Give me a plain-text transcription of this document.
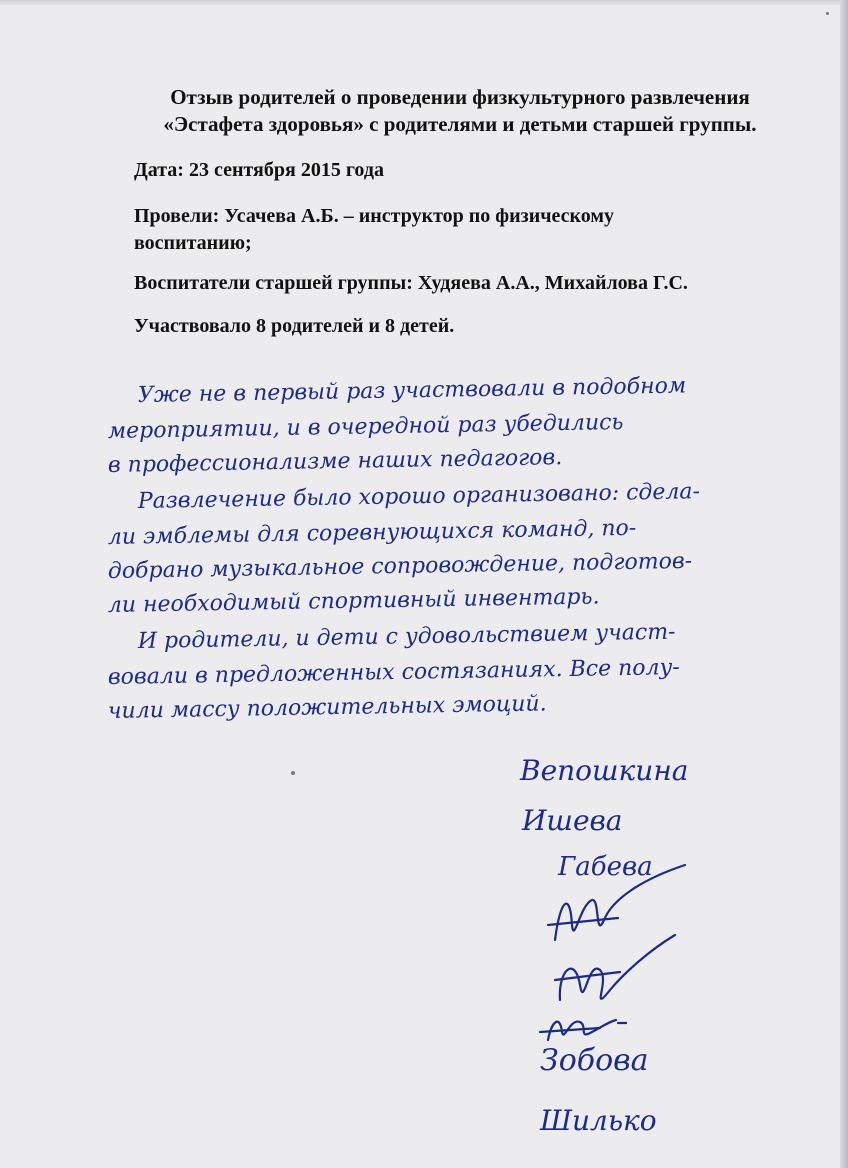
Отзыв родителей о проведении физкультурного развлечения
«Эстафета здоровья» с родителями и детьми старшей группы.
Дата: 23 сентября 2015 года
Провели: Усачева А.Б. – инструктор по физическому
воспитанию;
Воспитатели старшей группы: Худяева А.А., Михайлова Г.С.
Участвовало 8 родителей и 8 детей.
Уже не в первый раз участвовали в подобном
мероприятии, и в очередной раз убедились
в профессионализме наших педагогов.
Развлечение было хорошо организовано: сдела-
ли эмблемы для соревнующихся команд, по-
добрано музыкальное сопровождение, подготов-
ли необходимый спортивный инвентарь.
И родители, и дети с удовольствием участ-
вовали в предложенных состязаниях. Все полу-
чили массу положительных эмоций.
Вепошкина
Ишева
Габева
Зобова
Шилько
